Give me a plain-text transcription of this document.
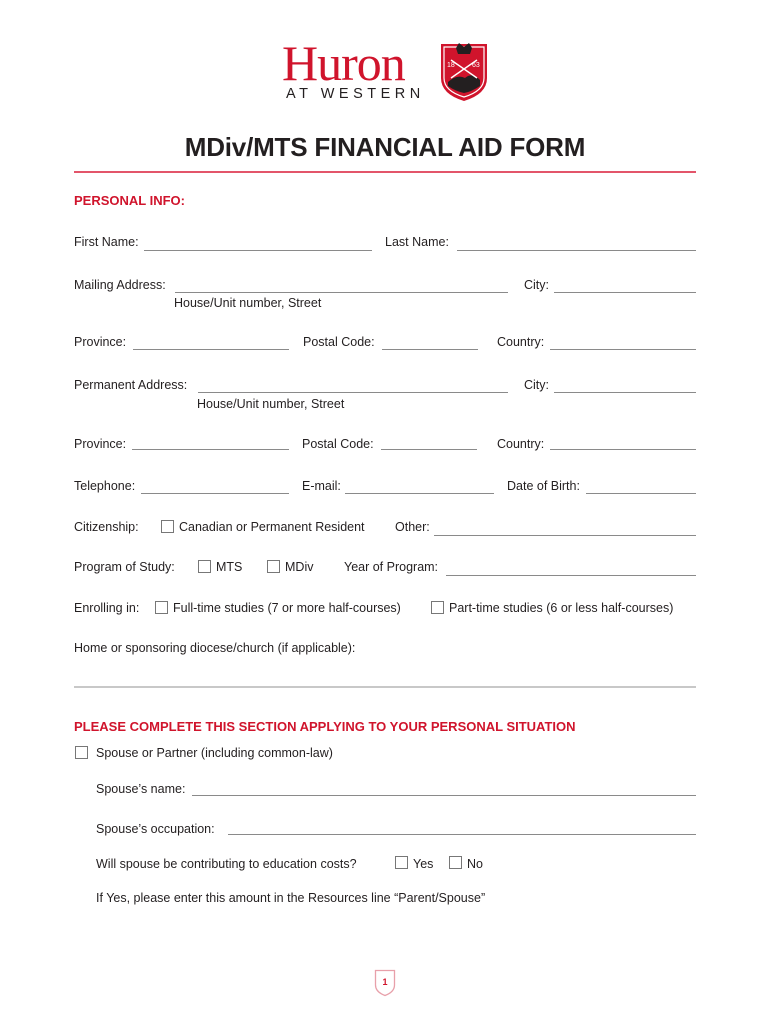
Huron
AT WESTERN
18 63
MDiv/MTS FINANCIAL AID FORM
PERSONAL INFO:
First Name:	Last Name:
Mailing Address:	City:
House/Unit number, Street
Province:	Postal Code:	Country:
Permanent Address:	City:
House/Unit number, Street
Province:	Postal Code:	Country:
Telephone:	E-mail:	Date of Birth:
Citizenship:	Canadian or Permanent Resident Other:
Program of Study:	MTS	MDiv Year of Program:
Enrolling in:	Full-time studies (7 or more half-courses)	Part-time studies (6 or less half-courses)
Home or sponsoring diocese/church (if applicable):
PLEASE COMPLETE THIS SECTION APPLYING TO YOUR PERSONAL SITUATION
Spouse or Partner (including common-law)
Spouse’s name:
Spouse’s occupation:
Will spouse be contributing to education costs?	Yes	No
If Yes, please enter this amount in the Resources line “Parent/Spouse”
1
